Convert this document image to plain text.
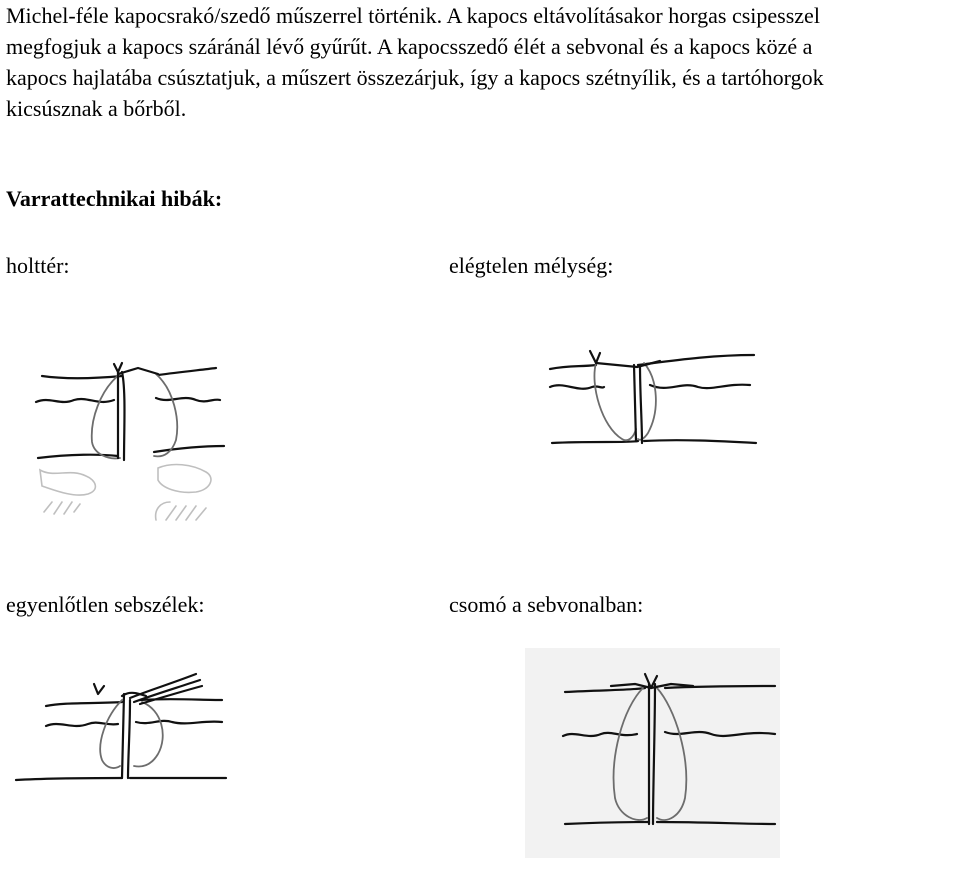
Michel-féle kapocsrakó/szedő műszerrel történik. A kapocs eltávolításakor horgas csipesszel
megfogjuk a kapocs száránál lévő gyűrűt. A kapocsszedő élét a sebvonal és a kapocs közé a
kapocs hajlatába csúsztatjuk, a műszert összezárjuk, így a kapocs szétnyílik, és a tartóhorgok
kicsúsznak a bőrből.
Varrattechnikai hibák:

holttér:	elégtelen mélység:

egyenlőtlen sebszélek:	csomó a sebvonalban:
